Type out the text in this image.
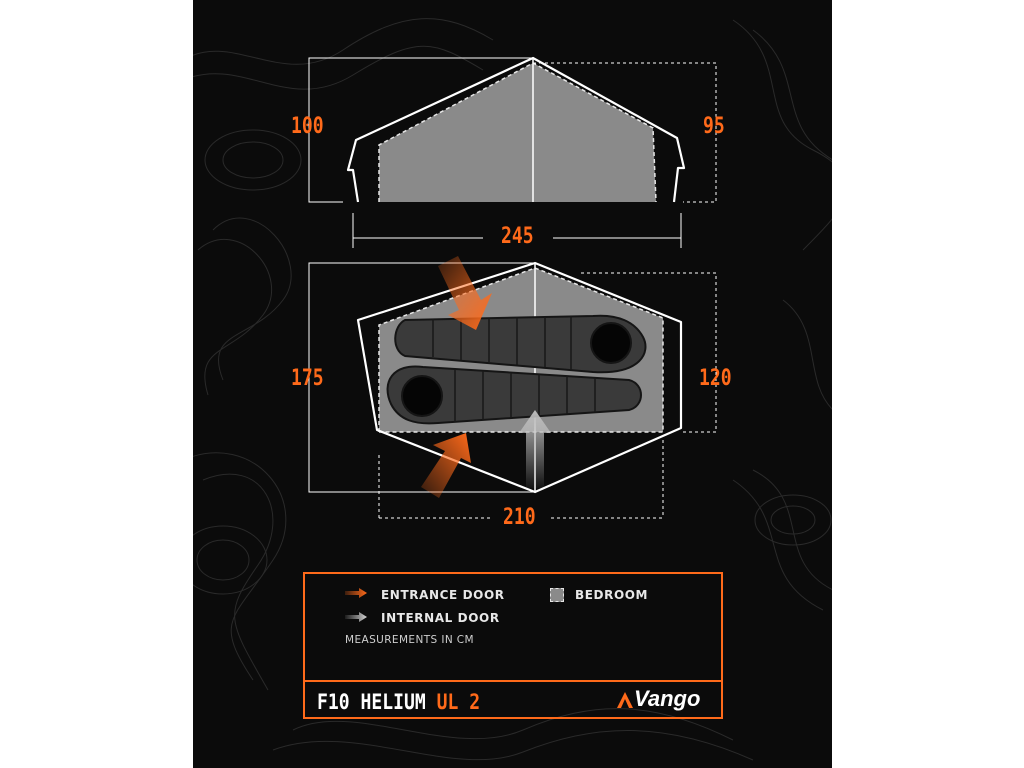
100	95
245
175	120
210
ENTRANCE DOOR
INTERNAL DOOR
BEDROOM
MEASUREMENTS IN CM
F10 HELIUM UL 2	Vango
